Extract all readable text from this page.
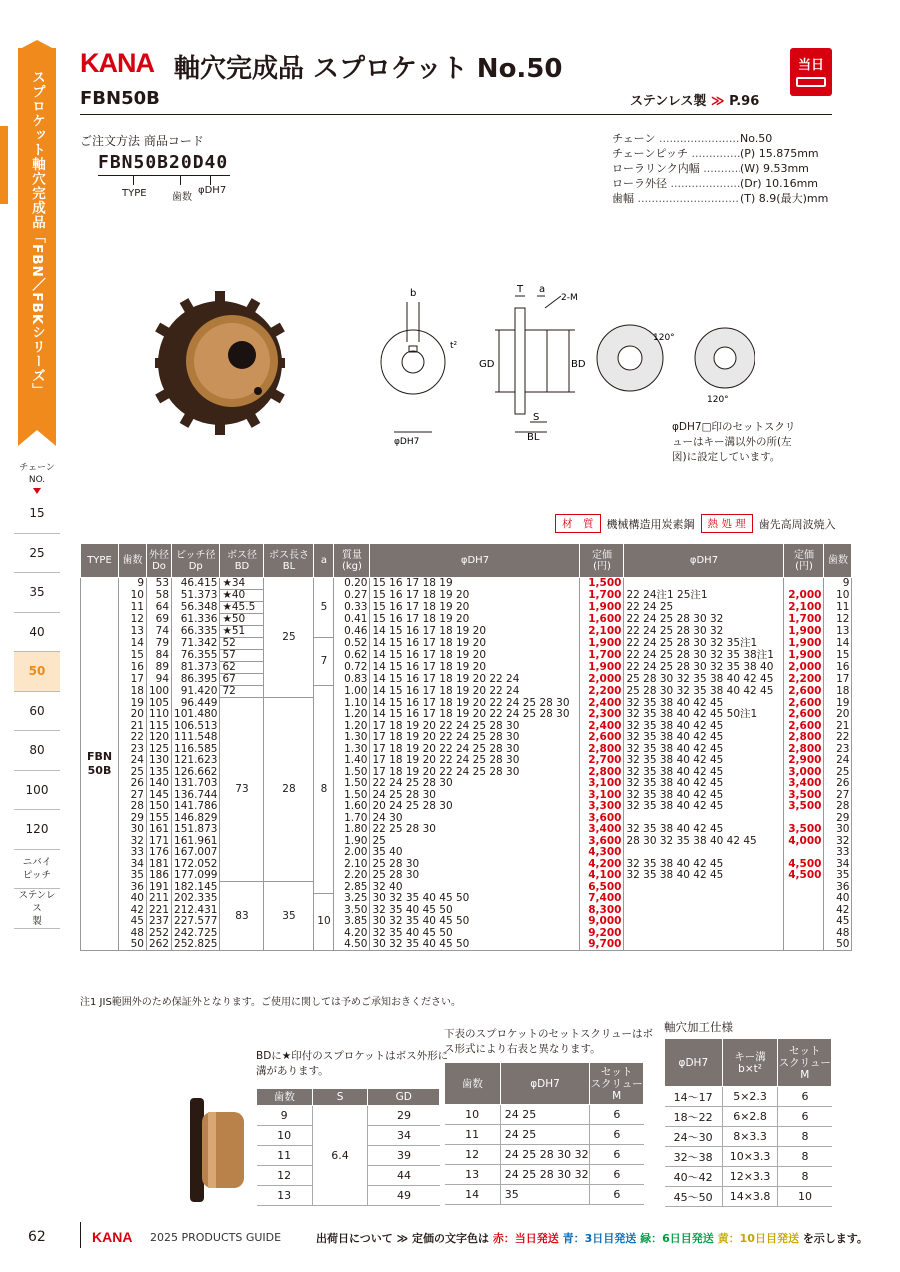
スプロケット軸穴完成品「FBN／FBKシリーズ」
チェーン
NO.
15
25
35
40
50
60
80
100
120
ニバイ
ピッチ
ステンレス
製
KANA 軸穴完成品 スプロケット No.50
FBN50B	ステンレス製 ≫ P.96
当日
ご注文方法 商品コード
FBN50B20D40
TYPE	歯数
φDH7
チェーン .....	No.50
チェーンピッチ .....	(P) 15.875mm
ローラリンク内幅 .....	(W) 9.53mm
ローラ外径 .....	(Dr) 10.16mm
歯幅 .....	(T) 8.9(最大)mm
b
t²
φDH7
T a
2-M
GD	BD
S
BL
120°
120°
φDH7□印のセットスクリューはキー溝以外の所(左図)に設定しています。
材　質	機械構造用炭素鋼	熱 処 理	歯先高周波焼入
TYPE	歯数	外径
Do	ピッチ径
Dp	ボス径
BD	ボス長さ
BL	a	質量
(kg)	φDH7	定価
(円)	φDH7	定価
(円)	歯数
FBN
50B	9	53	46.415	★34	25	5	0.20	15 16 17 18 19	1,500			9
	10	58	51.373	★40			0.27	15 16 17 18 19 20	1,700	22 24注1 25注1	2,000	10
	11	64	56.348	★45.5			0.33	15 16 17 18 19 20	1,900	22 24 25	2,100	11
	12	69	61.336	★50			0.41	15 16 17 18 19 20	1,600	22 24 25 28 30 32	1,700	12
	13	74	66.335	★51			0.46	14 15 16 17 18 19 20	2,100	22 24 25 28 30 32	1,900	13
	14	79	71.342	52		7	0.52	14 15 16 17 18 19 20	1,900	22 24 25 28 30 32 35注1	1,900	14
	15	84	76.355	57			0.62	14 15 16 17 18 19 20	1,700	22 24 25 28 30 32 35 38注1	1,900	15
	16	89	81.373	62			0.72	14 15 16 17 18 19 20	1,900	22 24 25 28 30 32 35 38 40	2,000	16
	17	94	86.395	67			0.83	14 15 16 17 18 19 20 22 24	2,000	25 28 30 32 35 38 40 42 45	2,200	17
	18	100	91.420	72		8	1.00	14 15 16 17 18 19 20 22 24	2,200	25 28 30 32 35 38 40 42 45	2,600	18
	19	105	96.449	73	28		1.10	14 15 16 17 18 19 20 22 24 25 28 30	2,400	32 35 38 40 42 45	2,600	19
	20	110	101.480				1.20	14 15 16 17 18 19 20 22 24 25 28 30	2,300	32 35 38 40 42 45 50注1	2,600	20
	21	115	106.513				1.20	17 18 19 20 22 24 25 28 30	2,400	32 35 38 40 42 45	2,600	21
	22	120	111.548				1.30	17 18 19 20 22 24 25 28 30	2,600	32 35 38 40 42 45	2,800	22
	23	125	116.585				1.30	17 18 19 20 22 24 25 28 30	2,800	32 35 38 40 42 45	2,800	23
	24	130	121.623				1.40	17 18 19 20 22 24 25 28 30	2,700	32 35 38 40 42 45	2,900	24
	25	135	126.662				1.50	17 18 19 20 22 24 25 28 30	2,800	32 35 38 40 42 45	3,000	25
	26	140	131.703				1.50	22 24 25 28 30	3,100	32 35 38 40 42 45	3,400	26
	27	145	136.744				1.50	24 25 28 30	3,100	32 35 38 40 42 45	3,500	27
	28	150	141.786				1.60	20 24 25 28 30	3,300	32 35 38 40 42 45	3,500	28
	29	155	146.829				1.70	24 30	3,600			29
	30	161	151.873				1.80	22 25 28 30	3,400	32 35 38 40 42 45	3,500	30
	32	171	161.961				1.90	25	3,600	28 30 32 35 38 40 42 45	4,000	32
	33	176	167.007				2.00	35 40	4,300			33
	34	181	172.052				2.10	25 28 30	4,200	32 35 38 40 42 45	4,500	34
	35	186	177.099				2.20	25 28 30	4,100	32 35 38 40 42 45	4,500	35
	36	191	182.145	83	35		2.85	32 40	6,500			36
	40	211	202.335			10	3.25	30 32 35 40 45 50	7,400			40
	42	221	212.431				3.50	32 35 40 45 50	8,300			42
	45	237	227.577				3.85	30 32 35 40 45 50	9,000			45
	48	252	242.725				4.20	32 35 40 45 50	9,200			48
	50	262	252.825				4.50	30 32 35 40 45 50	9,700			50
注1 JIS範囲外のため保証外となります。ご使用に関しては予めご承知おきください。
BDに★印付のスプロケットはボス外形に溝があります。
歯数	S	GD
9	6.4	29
10		34
11		39
12		44
13		49
下表のスプロケットのセットスクリューはボス形式により右表と異なります。
歯数	φDH7	セット
スクリュー
M
10	24 25	6
11	24 25	6
12	24 25 28 30 32	6
13	24 25 28 30 32	6
14	35	6
軸穴加工仕様
φDH7	キー溝
b×t²	セット
スクリュー
M
14〜17	5×2.3	6
18〜22	6×2.8	6
24〜30	8×3.3	8
32〜38	10×3.3	8
40〜42	12×3.3	8
45〜50	14×3.8	10
62	KANA 2025 PRODUCTS GUIDE	出荷日について ≫ 定価の文字色は 赤：当日発送 青：3日目発送 緑：6日目発送 黄：10日目発送 を示します。
